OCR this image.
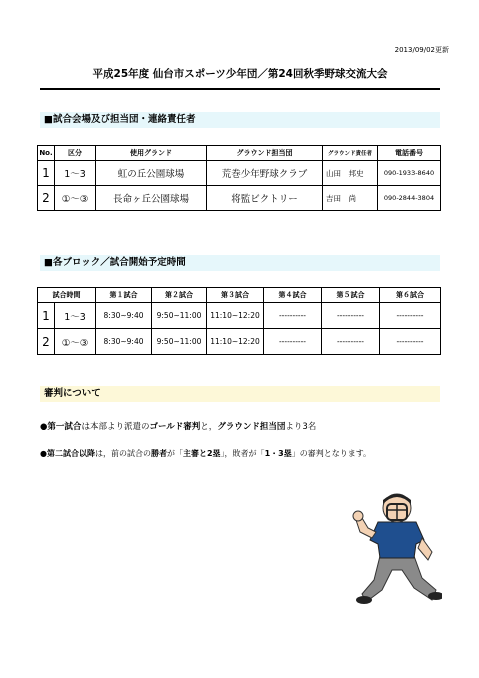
2013/09/02更新
平成25年度 仙台市スポーツ少年団／第24回秋季野球交流大会
■試合会場及び担当団・連絡責任者
No.	区分	使用グランド	グラウンド担当団	グラウンド責任者	電話番号
1	1～3	虹の丘公園球場	荒巻少年野球クラブ	山田　邦史	090-1933-8640
2	①～③	長命ヶ丘公園球場	将監ビクトリー	吉田　尚	090-2844-3804
■各ブロック／試合開始予定時間
試合時間		第１試合	第２試合	第３試合	第４試合	第５試合	第６試合
1	1～3	8:30~9:40	9:50~11:00	11:10~12:20	----------	----------	----------
2	①～③	8:30~9:40	9:50~11:00	11:10~12:20	----------	----------	----------
審判について
●第一試合は本部より派遣のゴールド審判と，グラウンド担当団より3名
●第二試合以降は，前の試合の勝者が「主審と2塁」，敗者が「1・3塁」の審判となります。
